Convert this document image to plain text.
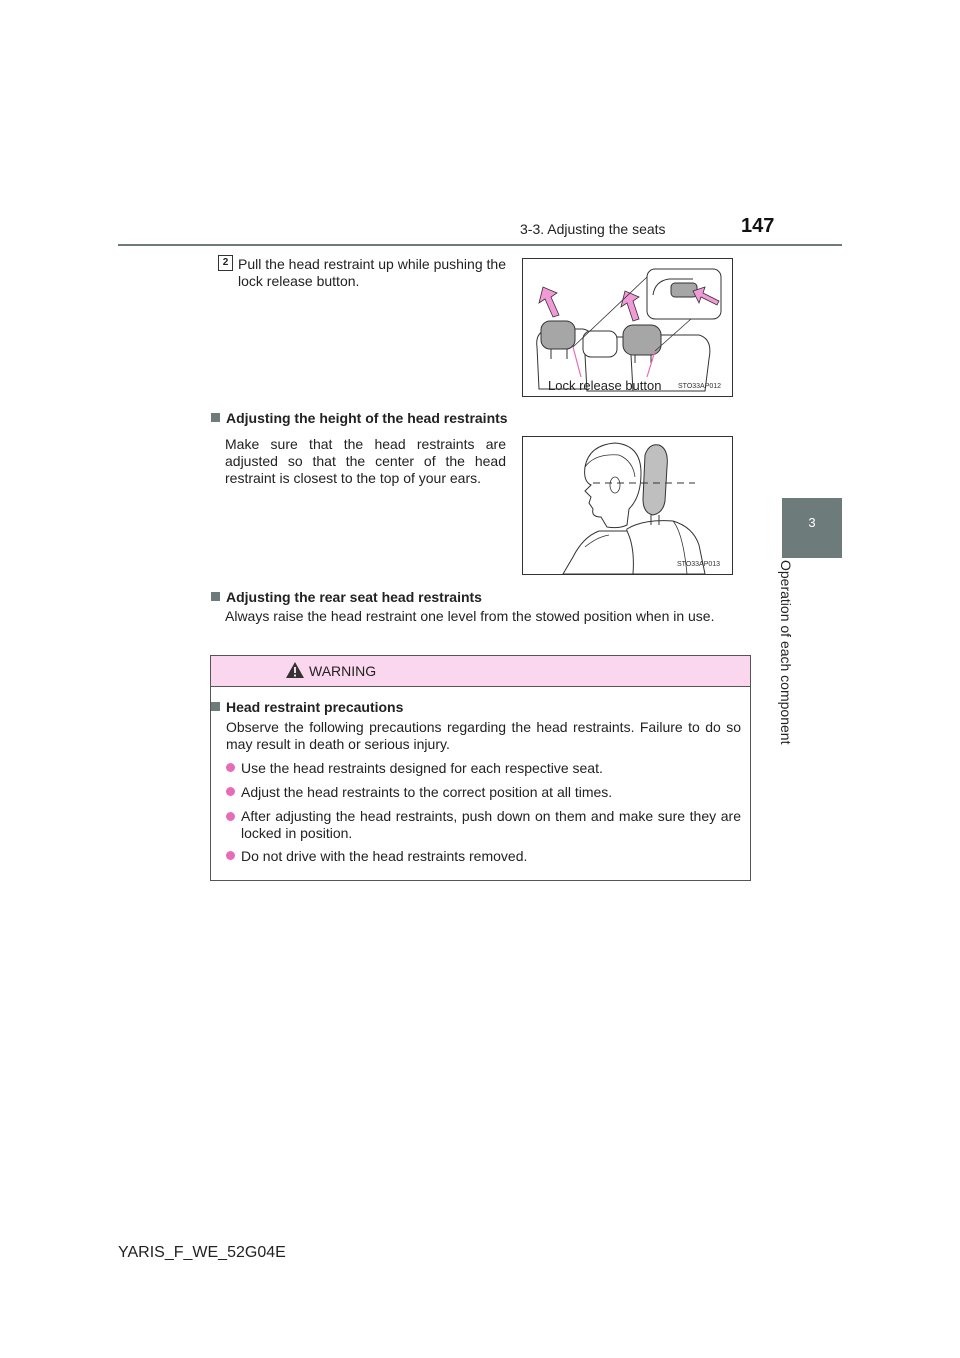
3-3. Adjusting the seats	147
3
Operation of each component
2 Pull the head restraint up while pushing the lock release button.
Lock release button STO33AP012
Adjusting the height of the head restraints
Make sure that the head restraints are adjusted so that the center of the head restraint is closest to the top of your ears.
STO33AP013
Adjusting the rear seat head restraints
Always raise the head restraint one level from the stowed position when in use.
WARNING
Head restraint precautions
Observe the following precautions regarding the head restraints. Failure to do so may result in death or serious injury.
Use the head restraints designed for each respective seat.
Adjust the head restraints to the correct position at all times.
After adjusting the head restraints, push down on them and make sure they are locked in position.
Do not drive with the head restraints removed.
YARIS_F_WE_52G04E
